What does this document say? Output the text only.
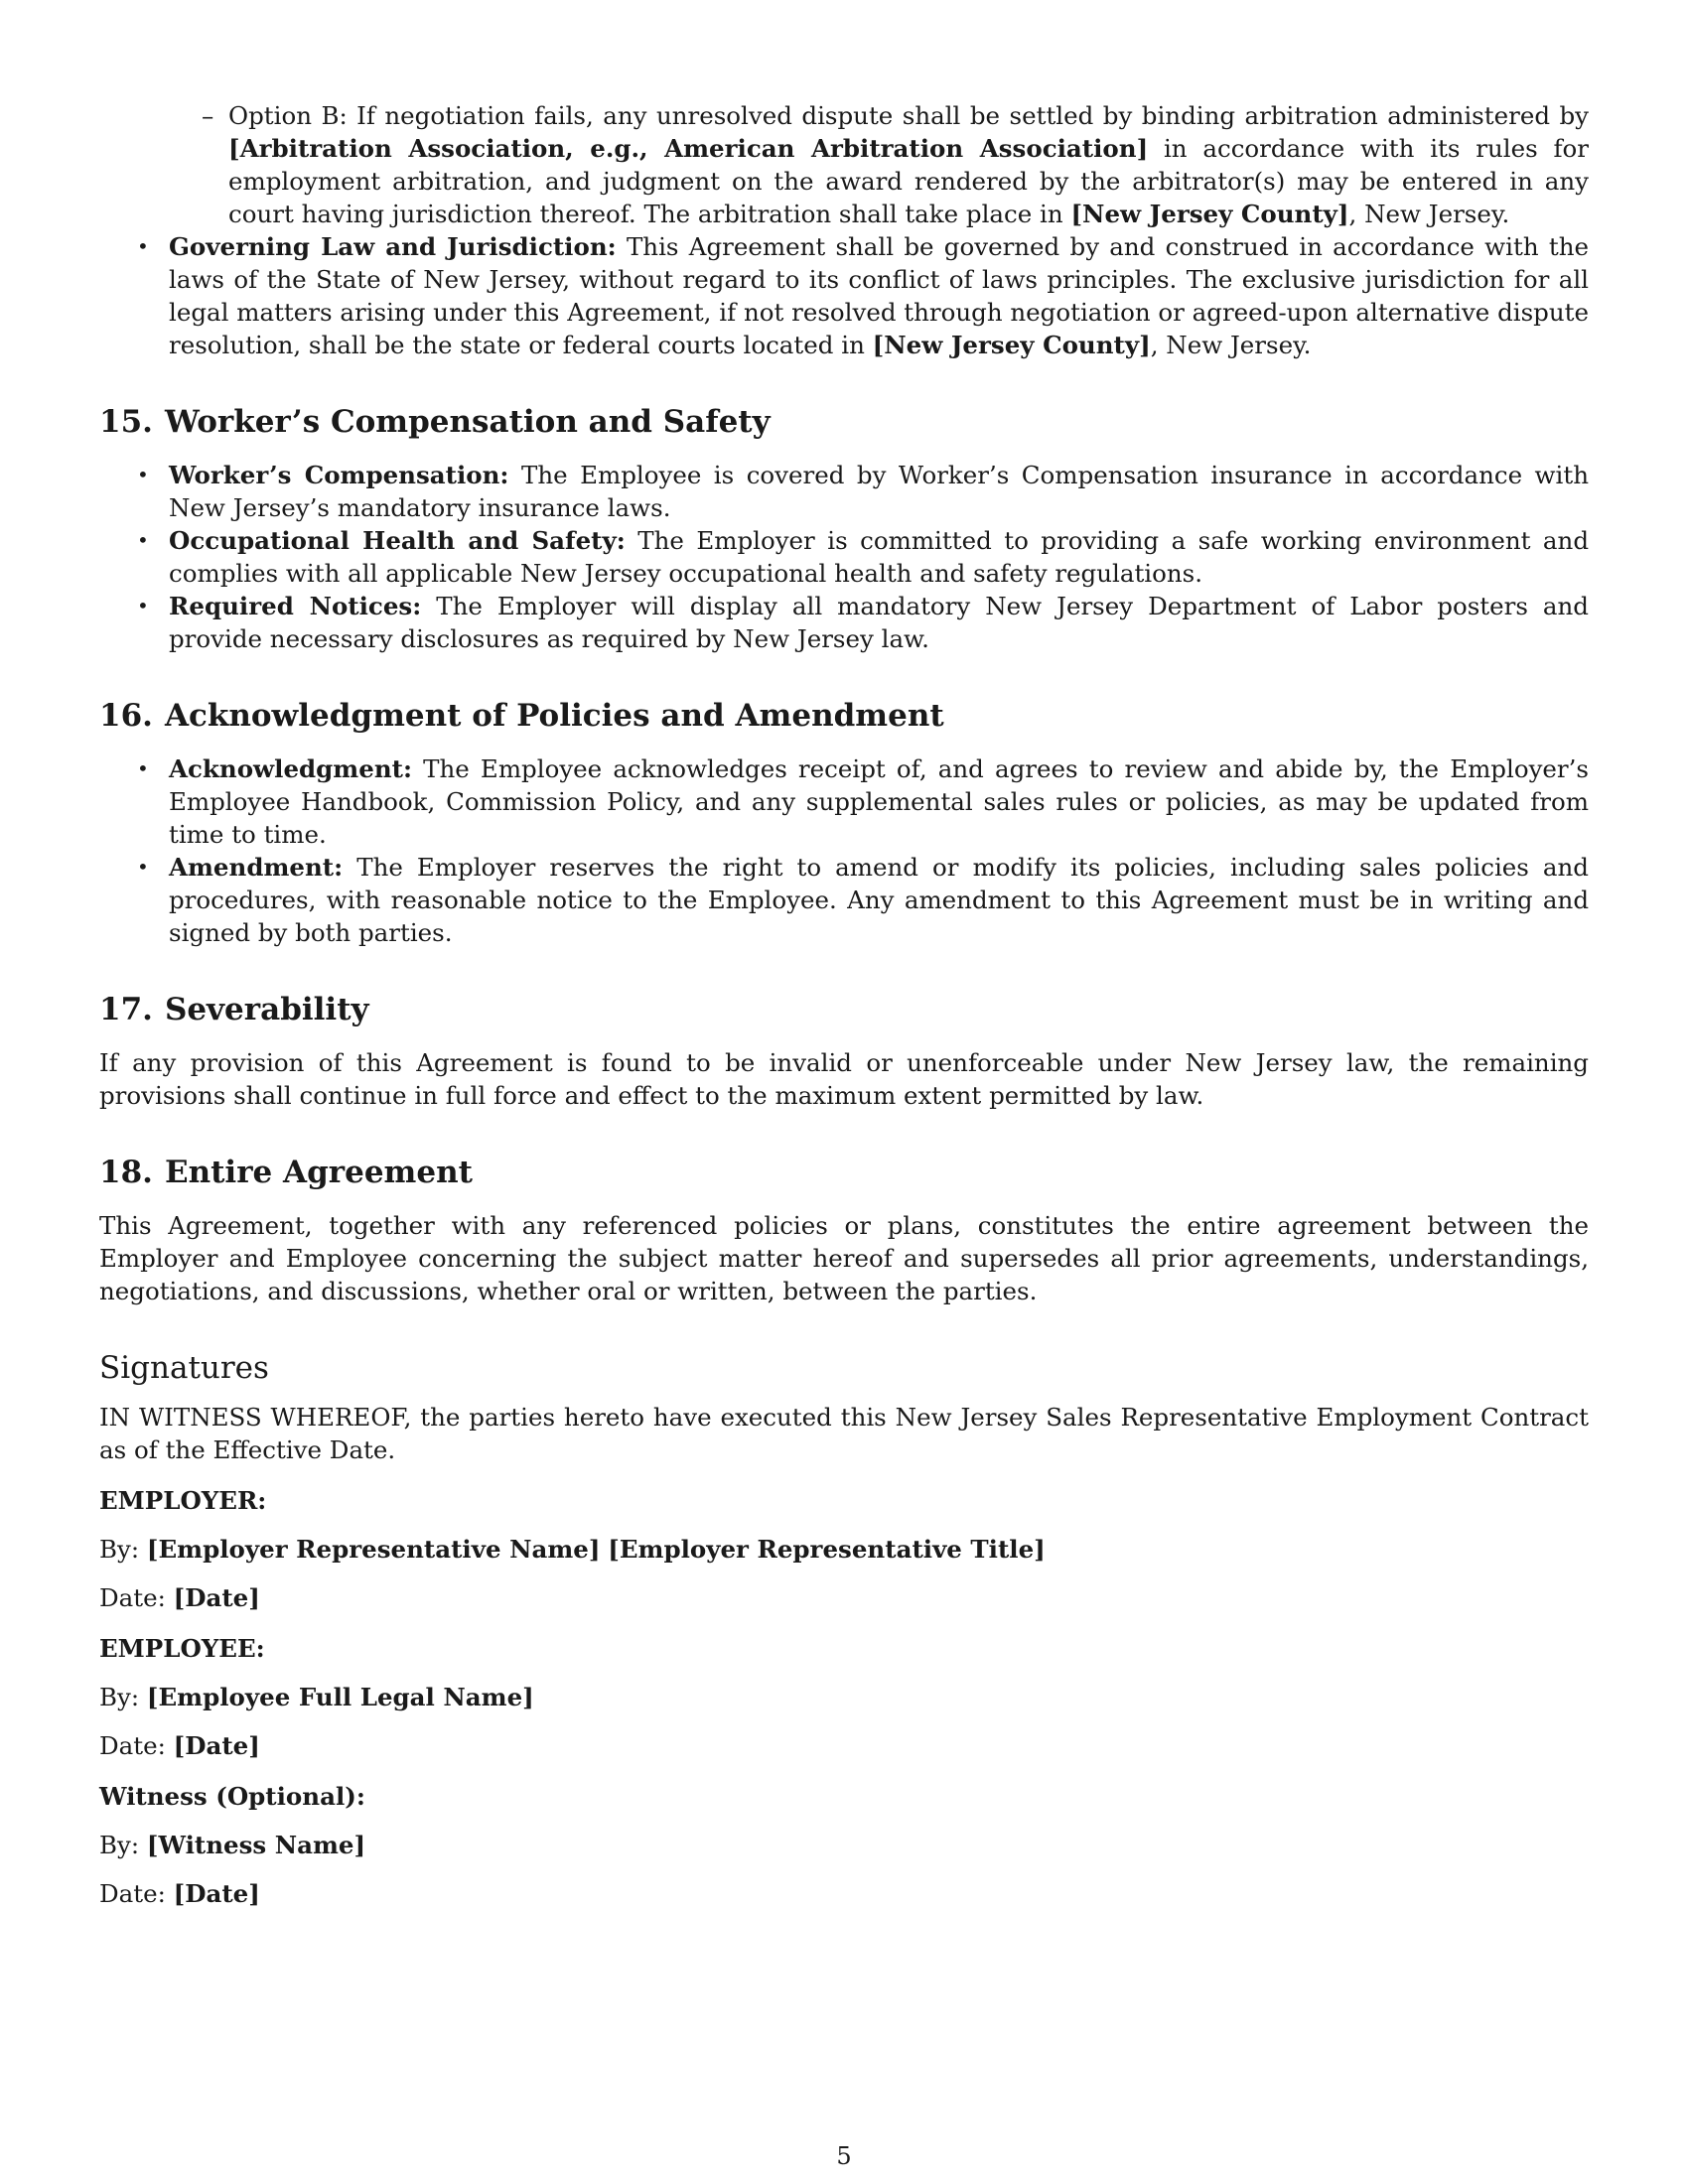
– Option B: If negotiation fails, any unresolved dispute shall be settled by binding arbitration administered by [Arbitration Association, e.g., American Arbitration Association] in accordance with its rules for employment arbitration, and judgment on the award rendered by the arbitrator(s) may be entered in any court having jurisdiction thereof. The arbitration shall take place in [New Jersey County], New Jersey.

• Governing Law and Jurisdiction: This Agreement shall be governed by and construed in accordance with the laws of the State of New Jersey, without regard to its conflict of laws principles. The exclusive jurisdiction for all legal matters arising under this Agreement, if not resolved through negotiation or agreed-upon alternative dispute resolution, shall be the state or federal courts located in [New Jersey County], New Jersey.
15. Worker’s Compensation and Safety
• Worker’s Compensation: The Employee is covered by Worker’s Compensation insurance in accordance with New Jersey’s mandatory insurance laws.
• Occupational Health and Safety: The Employer is committed to providing a safe working environment and complies with all applicable New Jersey occupational health and safety regulations.
• Required Notices: The Employer will display all mandatory New Jersey Department of Labor posters and provide necessary disclosures as required by New Jersey law.
16. Acknowledgment of Policies and Amendment
• Acknowledgment: The Employee acknowledges receipt of, and agrees to review and abide by, the Employer’s Employee Handbook, Commission Policy, and any supplemental sales rules or policies, as may be updated from time to time.
• Amendment: The Employer reserves the right to amend or modify its policies, including sales policies and procedures, with reasonable notice to the Employee. Any amendment to this Agreement must be in writing and signed by both parties.
17. Severability

If any provision of this Agreement is found to be invalid or unenforceable under New Jersey law, the remaining provisions shall continue in full force and effect to the maximum extent permitted by law.

18. Entire Agreement

This Agreement, together with any referenced policies or plans, constitutes the entire agreement between the Employer and Employee concerning the subject matter hereof and supersedes all prior agreements, understandings, negotiations, and discussions, whether oral or written, between the parties.

Signatures

IN WITNESS WHEREOF, the parties hereto have executed this New Jersey Sales Representative Employment Contract as of the Effective Date.

EMPLOYER:

By: [Employer Representative Name] [Employer Representative Title]

Date: [Date]

EMPLOYEE:

By: [Employee Full Legal Name]

Date: [Date]

Witness (Optional):

By: [Witness Name]

Date: [Date]

5
